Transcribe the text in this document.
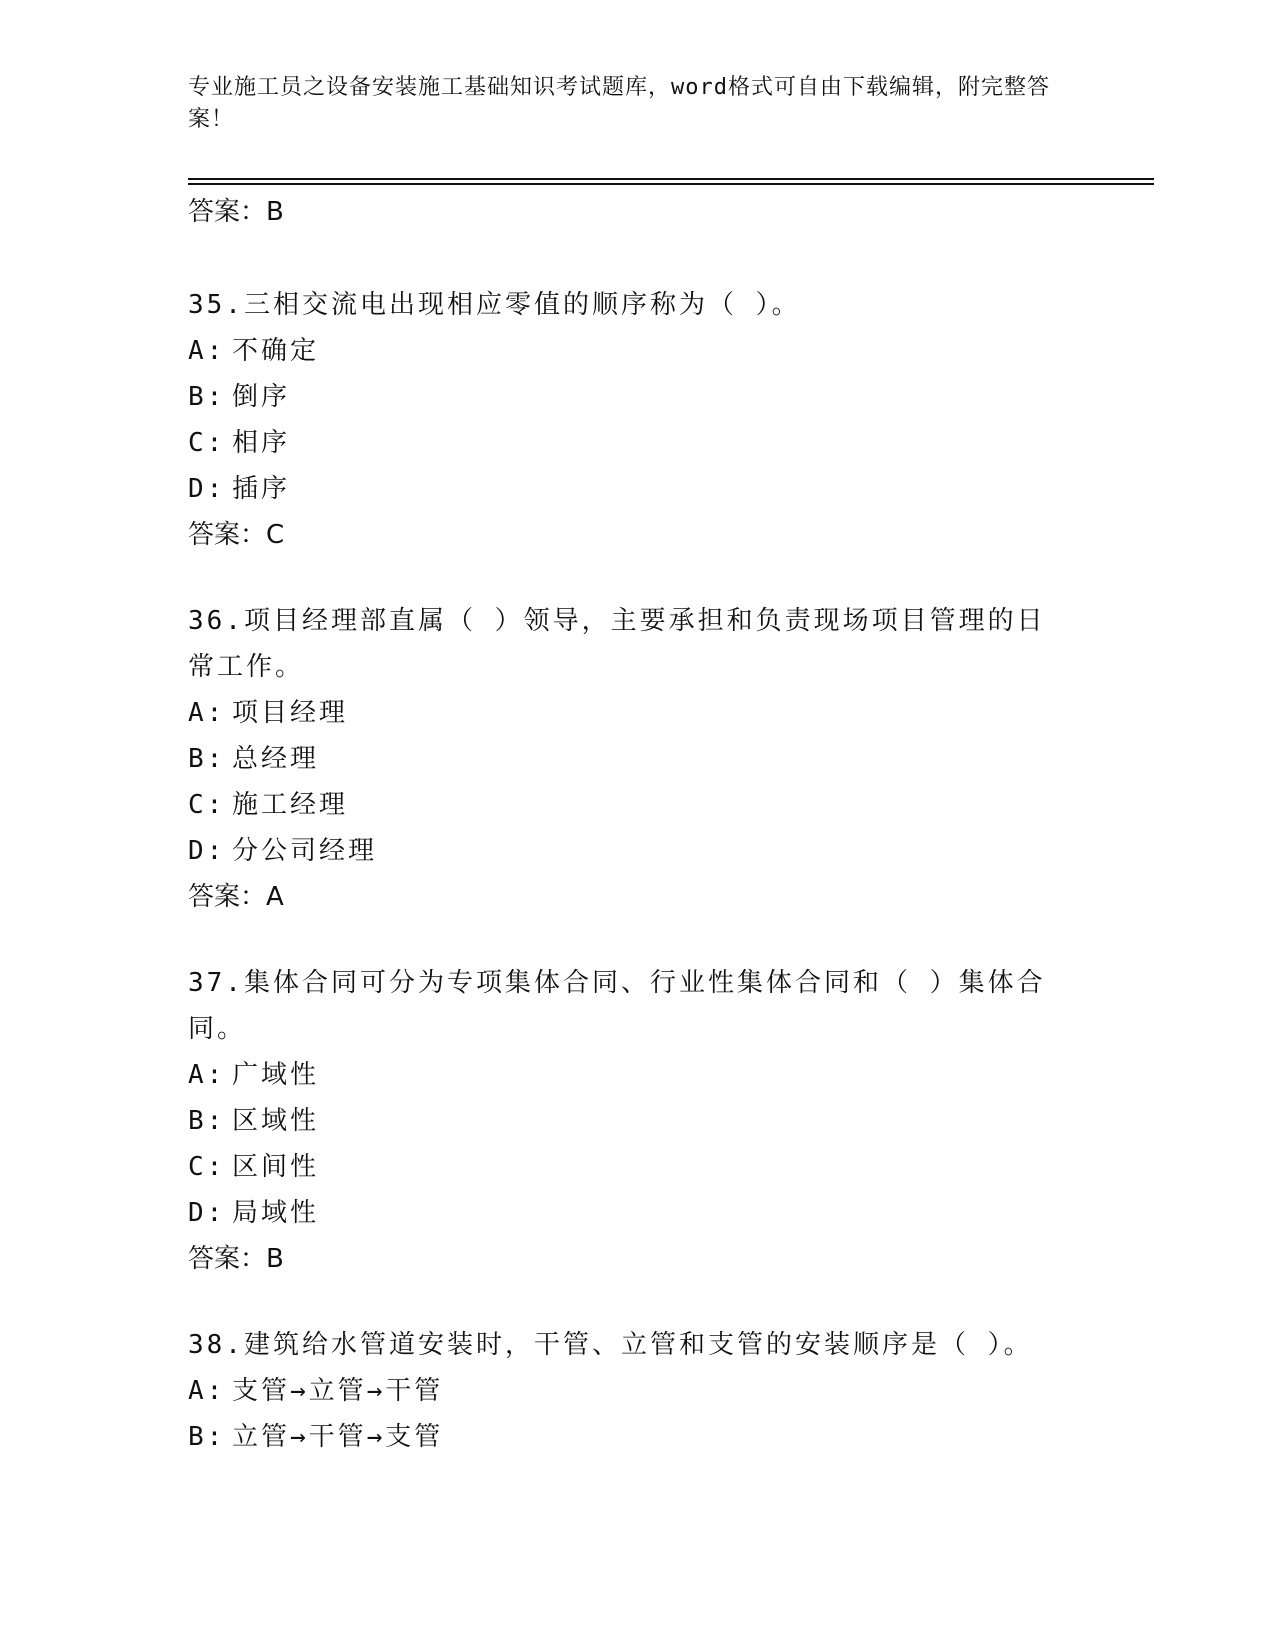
专业施工员之设备安装施工基础知识考试题库，word格式可自由下载编辑，附完整答案！
答案：B
35.三相交流电出现相应零值的顺序称为（ ）。
A: 不确定
B: 倒序
C: 相序
D: 插序
答案：C
36.项目经理部直属（ ）领导，主要承担和负责现场项目管理的日常工作。
A: 项目经理
B: 总经理
C: 施工经理
D: 分公司经理
答案：A
37.集体合同可分为专项集体合同、行业性集体合同和（ ）集体合同。
A: 广域性
B: 区域性
C: 区间性
D: 局域性
答案：B
38.建筑给水管道安装时，干管、立管和支管的安装顺序是（ ）。
A: 支管→立管→干管
B: 立管→干管→支管
